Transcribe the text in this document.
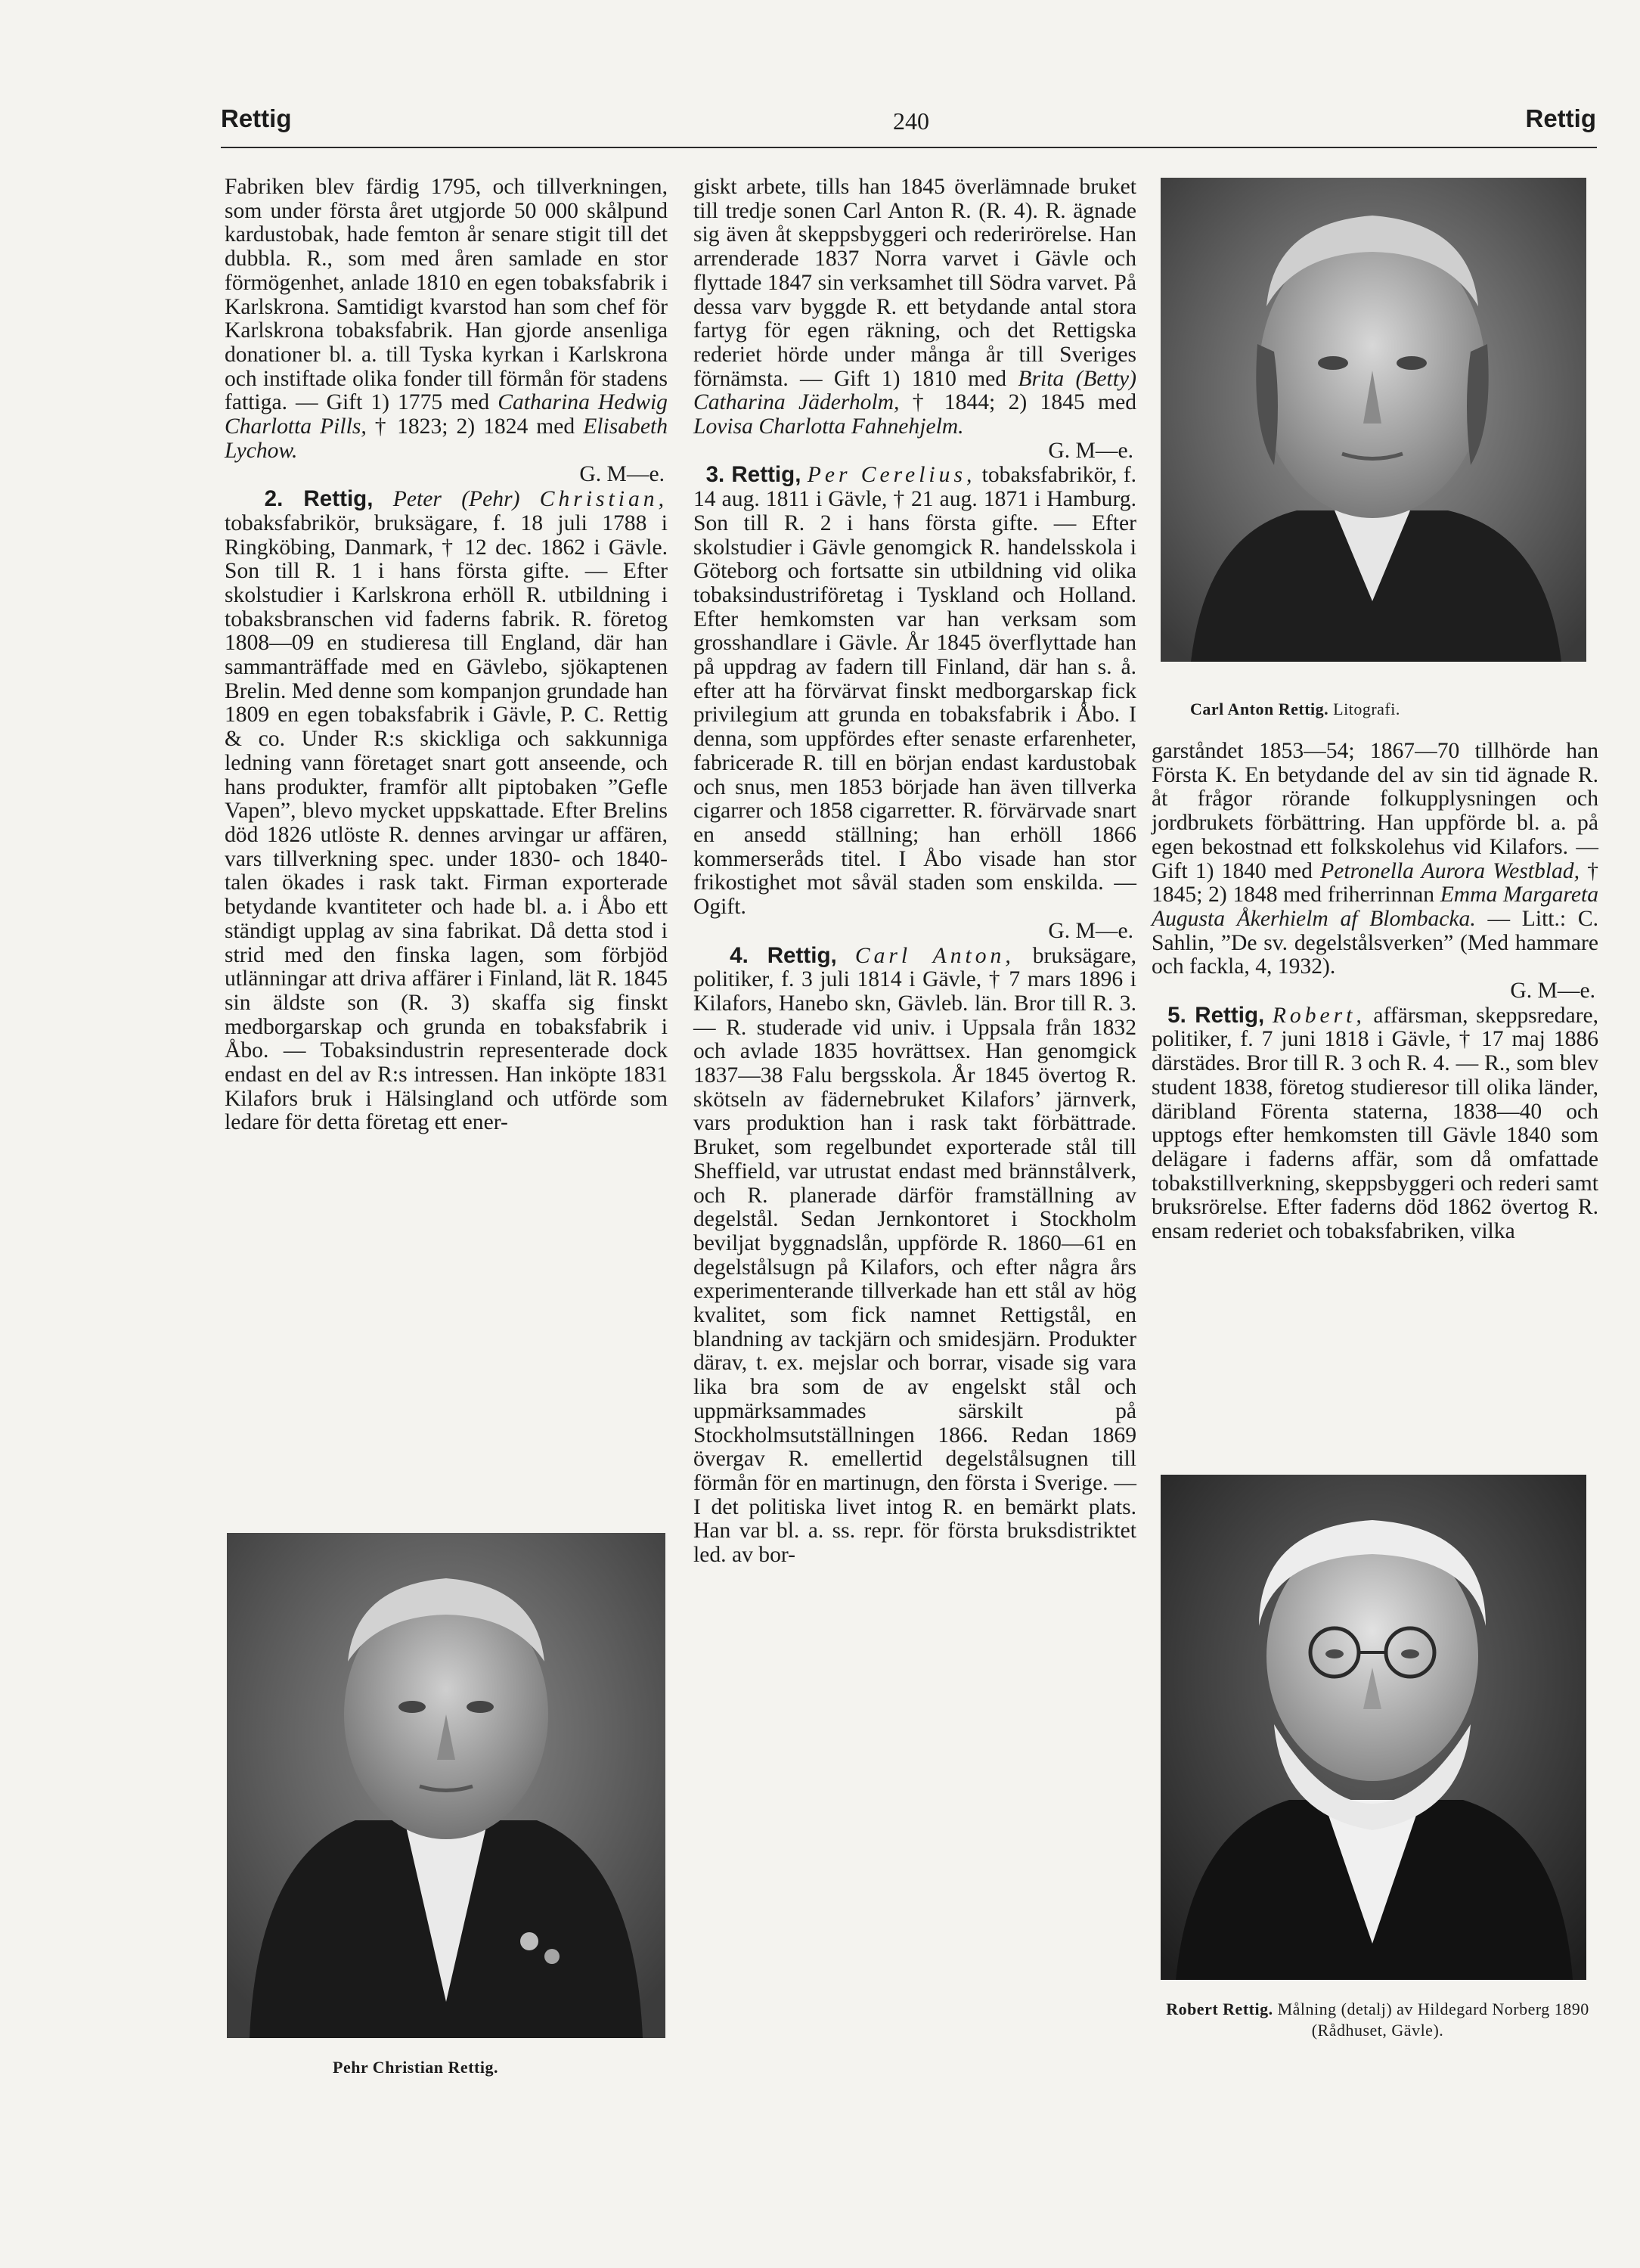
Rettig	240	Rettig

Fabriken blev färdig 1795, och tillverkningen, som under första året utgjorde 50 000 skålpund kardustobak, hade femton år senare stigit till det dubbla. R., som med åren samlade en stor förmögenhet, anlade 1810 en egen tobaksfabrik i Karlskrona. Samtidigt kvarstod han som chef för Karlskrona tobaksfabrik. Han gjorde ansenliga donationer bl. a. till Tyska kyrkan i Karlskrona och instiftade olika fonder till förmån för stadens fattiga. — Gift 1) 1775 med Catharina Hedwig Charlotta Pills, † 1823; 2) 1824 med Elisabeth Lychow.

G. M—e.

2. Rettig, Peter (Pehr) Christian, tobaksfabrikör, bruksägare, f. 18 juli 1788 i Ringköbing, Danmark, † 12 dec. 1862 i Gävle. Son till R. 1 i hans första gifte. — Efter skolstudier i Karlskrona erhöll R. utbildning i tobaksbranschen vid faderns fabrik. R. företog 1808—09 en studieresa till England, där han sammanträffade med en Gävlebo, sjökaptenen Brelin. Med denne som kompanjon grundade han 1809 en egen tobaksfabrik i Gävle, P. C. Rettig & co. Under R:s skickliga och sakkunniga ledning vann företaget snart gott anseende, och hans produkter, framför allt piptobaken ”Gefle Vapen”, blevo mycket uppskattade. Efter Brelins död 1826 utlöste R. dennes arvingar ur affären, vars tillverkning spec. under 1830- och 1840-talen ökades i rask takt. Firman exporterade betydande kvantiteter och hade bl. a. i Åbo ett ständigt upplag av sina fabrikat. Då detta stod i strid med den finska lagen, som förbjöd utlänningar att driva affärer i Finland, lät R. 1845 sin äldste son (R. 3) skaffa sig finskt medborgarskap och grunda en tobaksfabrik i Åbo. — Tobaksindustrin representerade dock endast en del av R:s intressen. Han inköpte 1831 Kilafors bruk i Hälsingland och utförde som ledare för detta företag ett ener-

giskt arbete, tills han 1845 överlämnade bruket till tredje sonen Carl Anton R. (R. 4). R. ägnade sig även åt skeppsbyggeri och rederirörelse. Han arrenderade 1837 Norra varvet i Gävle och flyttade 1847 sin verksamhet till Södra varvet. På dessa varv byggde R. ett betydande antal stora fartyg för egen räkning, och det Rettigska rederiet hörde under många år till Sveriges förnämsta. — Gift 1) 1810 med Brita (Betty) Catharina Jäderholm, † 1844; 2) 1845 med Lovisa Charlotta Fahnehjelm.

G. M—e.

3. Rettig, Per Cerelius, tobaksfabrikör, f. 14 aug. 1811 i Gävle, † 21 aug. 1871 i Hamburg. Son till R. 2 i hans första gifte. — Efter skolstudier i Gävle genomgick R. handelsskola i Göteborg och fortsatte sin utbildning vid olika tobaksindustriföretag i Tyskland och Holland. Efter hemkomsten var han verksam som grosshandlare i Gävle. År 1845 överflyttade han på uppdrag av fadern till Finland, där han s. å. efter att ha förvärvat finskt medborgarskap fick privilegium att grunda en tobaksfabrik i Åbo. I denna, som uppfördes efter senaste erfarenheter, fabricerade R. till en början endast kardustobak och snus, men 1853 började han även tillverka cigarrer och 1858 cigarretter. R. förvärvade snart en ansedd ställning; han erhöll 1866 kommerseråds titel. I Åbo visade han stor frikostighet mot såväl staden som enskilda. — Ogift.

G. M—e.

4. Rettig, Carl Anton, bruksägare, politiker, f. 3 juli 1814 i Gävle, † 7 mars 1896 i Kilafors, Hanebo skn, Gävleb. län. Bror till R. 3. — R. studerade vid univ. i Uppsala från 1832 och avlade 1835 hovrättsex. Han genomgick 1837—38 Falu bergsskola. År 1845 övertog R. skötseln av fädernebruket Kilafors’ järnverk, vars produktion han i rask takt förbättrade. Bruket, som regelbundet exporterade stål till Sheffield, var utrustat endast med brännstålverk, och R. planerade därför framställning av degelstål. Sedan Jernkontoret i Stockholm beviljat byggnadslån, uppförde R. 1860—61 en degelstålsugn på Kilafors, och efter några års experimenterande tillverkade han ett stål av hög kvalitet, som fick namnet Rettigstål, en blandning av tackjärn och smidesjärn. Produkter därav, t. ex. mejslar och borrar, visade sig vara lika bra som de av engelskt stål och uppmärksammades särskilt på Stockholmsutställningen 1866. Redan 1869 övergav R. emellertid degelstålsugnen till förmån för en martinugn, den första i Sverige. — I det politiska livet intog R. en bemärkt plats. Han var bl. a. ss. repr. för första bruksdistriktet led. av bor-

garståndet 1853—54; 1867—70 tillhörde han Första K. En betydande del av sin tid ägnade R. åt frågor rörande folkupplysningen och jordbrukets förbättring. Han uppförde bl. a. på egen bekostnad ett folkskolehus vid Kilafors. — Gift 1) 1840 med Petronella Aurora Westblad, † 1845; 2) 1848 med friherrinnan Emma Margareta Augusta Åkerhielm af Blombacka. — Litt.: C. Sahlin, ”De sv. degelstålsverken” (Med hammare och fackla, 4, 1932).

G. M—e.

5. Rettig, Robert, affärsman, skeppsredare, politiker, f. 7 juni 1818 i Gävle, † 17 maj 1886 därstädes. Bror till R. 3 och R. 4. — R., som blev student 1838, företog studieresor till olika länder, däribland Förenta staterna, 1838—40 och upptogs efter hemkomsten till Gävle 1840 som delägare i faderns affär, som då omfattade tobakstillverkning, skeppsbyggeri och rederi samt bruksrörelse. Efter faderns död 1862 övertog R. ensam rederiet och tobaksfabriken, vilka

Carl Anton Rettig. Litografi.
Pehr Christian Rettig.
Robert Rettig. Målning (detalj) av Hildegard Norberg 1890 (Rådhuset, Gävle).
